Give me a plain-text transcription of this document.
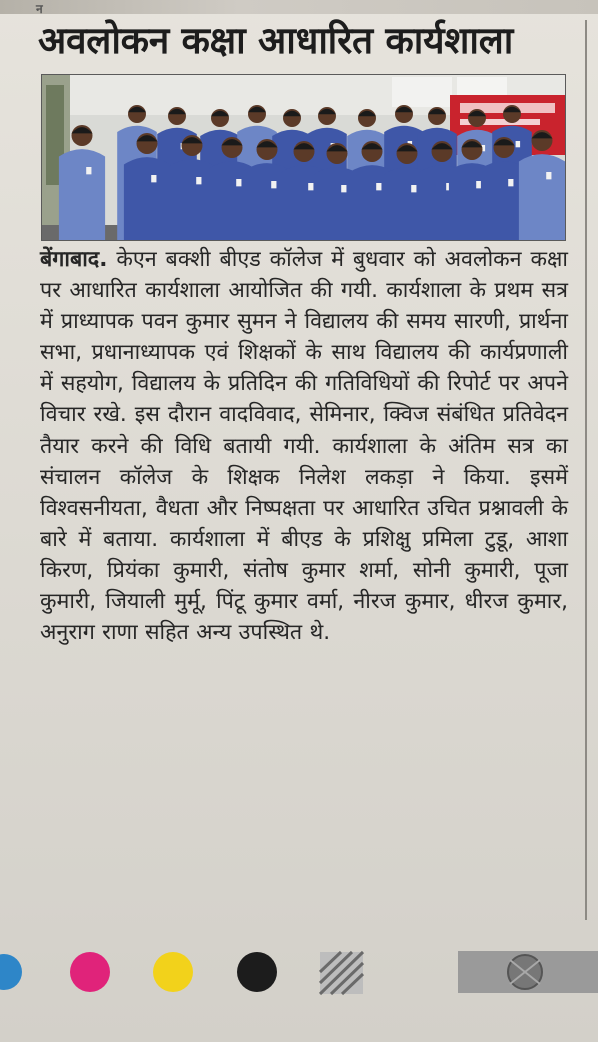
न
अवलोकन कक्षा आधारित कार्यशाला
बेंगाबाद. केएन बक्शी बीएड कॉलेज में बुधवार को अवलोकन कक्षा पर आधारित कार्यशाला आयोजित की गयी. कार्यशाला के प्रथम सत्र में प्राध्यापक पवन कुमार सुमन ने विद्यालय की समय सारणी, प्रार्थना सभा, प्रधानाध्यापक एवं शिक्षकों के साथ विद्यालय की कार्यप्रणाली में सहयोग, विद्यालय के प्रतिदिन की गतिविधियों की रिपोर्ट पर अपने विचार रखे. इस दौरान वादविवाद, सेमिनार, क्विज संबंधित प्रतिवेदन तैयार करने की विधि बतायी गयी. कार्यशाला के अंतिम सत्र का संचालन कॉलेज के शिक्षक निलेश लकड़ा ने किया. इसमें विश्वसनीयता, वैधता और निष्पक्षता पर आधारित उचित प्रश्नावली के बारे में बताया. कार्यशाला में बीएड के प्रशिक्षु प्रमिला टुडू, आशा किरण, प्रियंका कुमारी, संतोष कुमार शर्मा, सोनी कुमारी, पूजा कुमारी, जियाली मुर्मू, पिंटू कुमार वर्मा, नीरज कुमार, धीरज कुमार, अनुराग राणा सहित अन्य उपस्थित थे.
